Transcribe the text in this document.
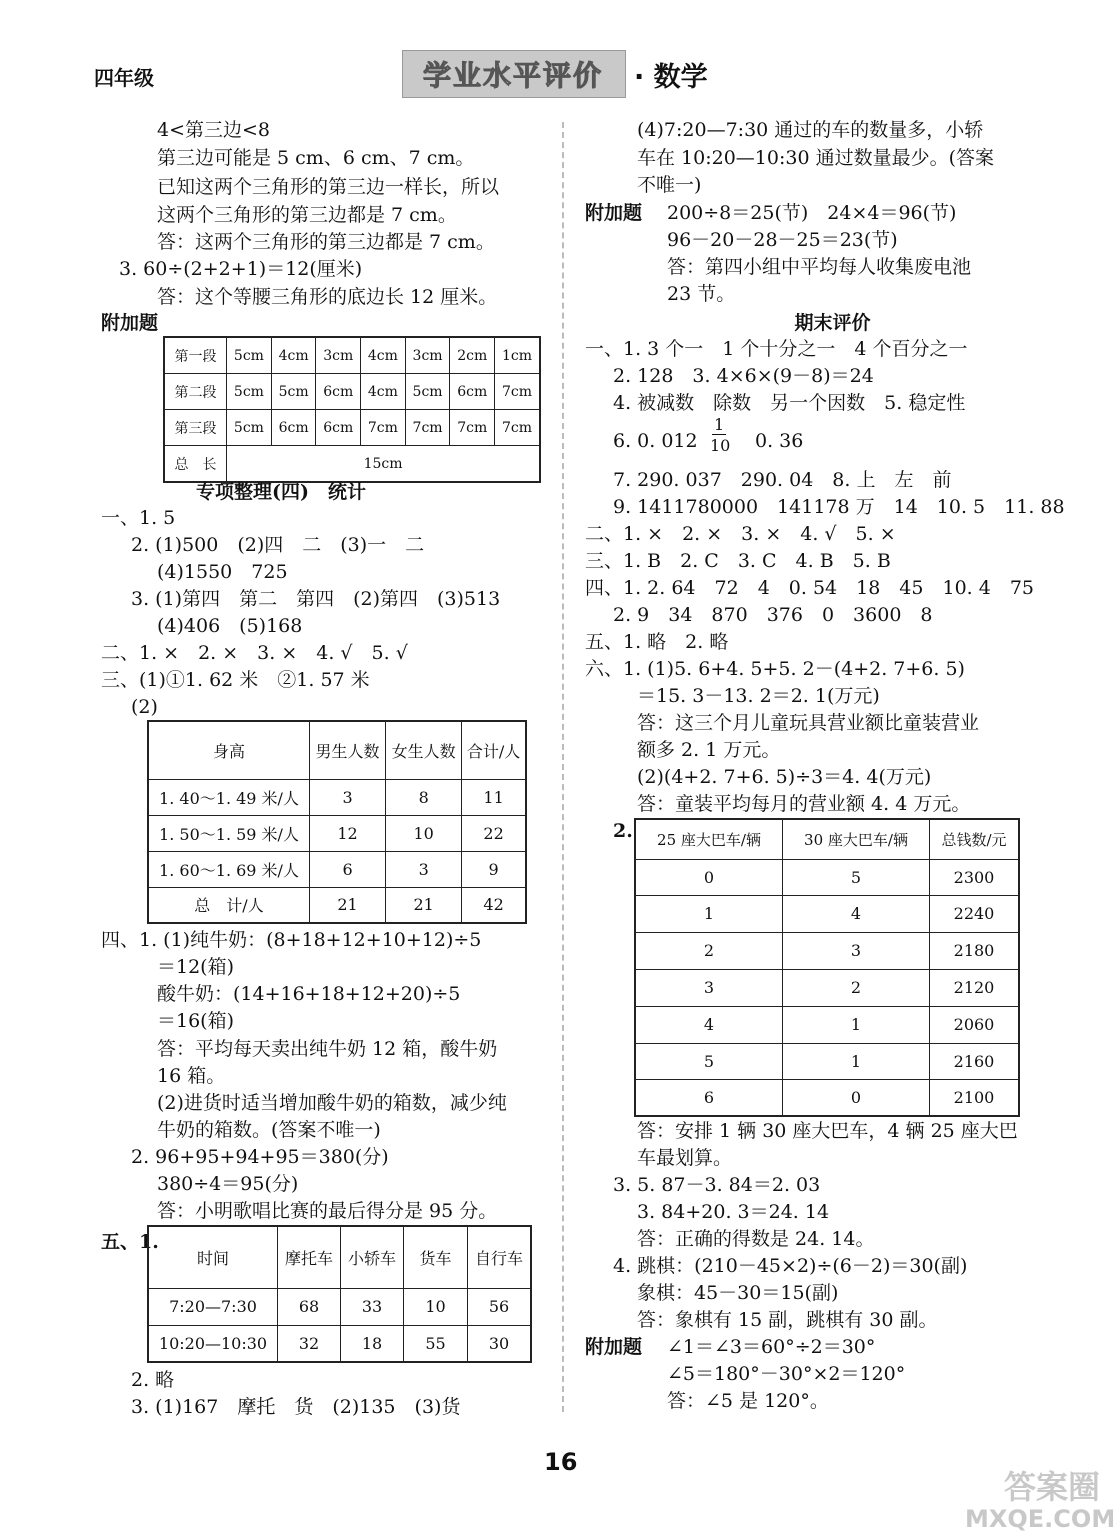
四年级	学业水平评价	· 数学
4<第三边<8
第三边可能是 5 cm、6 cm、7 cm。
已知这两个三角形的第三边一样长，所以
这两个三角形的第三边都是 7 cm。
答：这两个三角形的第三边都是 7 cm。
3. 60÷(2+2+1)＝12(厘米)
答：这个等腰三角形的底边长 12 厘米。
附加题
第一段	5cm	4cm	3cm	4cm	3cm	2cm	1cm
第二段	5cm	5cm	6cm	4cm	5cm	6cm	7cm
第三段	5cm	6cm	6cm	7cm	7cm	7cm	7cm
总　长	15cm						
专项整理(四)　统计
一、1. 5
2. (1)500　(2)四　二　(3)一　二
(4)1550　725
3. (1)第四　第二　第四　(2)第四　(3)513
(4)406　(5)168
二、1. ×　2. ×　3. ×　4. √　5. √
三、(1)①1. 62 米　②1. 57 米
(2)
身高	男生人数	女生人数	合计/人
1. 40～1. 49 米/人	3	8	11
1. 50～1. 59 米/人	12	10	22
1. 60～1. 69 米/人	6	3	9
总　计/人	21	21	42
四、1. (1)纯牛奶：(8+18+12+10+12)÷5
＝12(箱)
酸牛奶：(14+16+18+12+20)÷5
＝16(箱)
答：平均每天卖出纯牛奶 12 箱，酸牛奶
16 箱。
(2)进货时适当增加酸牛奶的箱数，减少纯
牛奶的箱数。(答案不唯一)
2. 96+95+94+95＝380(分)
380÷4＝95(分)
答：小明歌唱比赛的最后得分是 95 分。
五、1.
时间	摩托车	小轿车	货车	自行车
7:20—7:30	68	33	10	56
10:20—10:30	32	18	55	30
2. 略
3. (1)167　摩托　货　(2)135　(3)货
(4)7:20—7:30 通过的车的数量多，小轿
车在 10:20—10:30 通过数量最少。(答案
不唯一)
附加题 200÷8＝25(节)　24×4＝96(节)
96－20－28－25＝23(节)
答：第四小组中平均每人收集废电池
23 节。
期末评价
一、1. 3 个一　1 个十分之一　4 个百分之一
2. 128　3. 4×6×(9－8)＝24
4. 被减数　除数　另一个因数　5. 稳定性
6. 0. 012
1
10 0. 36
7. 290. 037　290. 04　8. 上　左　前
9. 1411780000　141178 万　14　10. 5　11. 88
二、1. ×　2. ×　3. ×　4. √　5. ×
三、1. B　2. C　3. C　4. B　5. B
四、1. 2. 64　72　4　0. 54　18　45　10. 4　75
2. 9　34　870　376　0　3600　8
五、1. 略　2. 略
六、1. (1)5. 6+4. 5+5. 2－(4+2. 7+6. 5)
＝15. 3－13. 2＝2. 1(万元)
答：这三个月儿童玩具营业额比童装营业
额多 2. 1 万元。
(2)(4+2. 7+6. 5)÷3＝4. 4(万元)
答：童装平均每月的营业额 4. 4 万元。
2. 25 座大巴车/辆	30 座大巴车/辆	总钱数/元
0	5	2300
1	4	2240
2	3	2180
3	2	2120
4	1	2060
5	1	2160
6	0	2100
答：安排 1 辆 30 座大巴车，4 辆 25 座大巴
车最划算。
3. 5. 87－3. 84＝2. 03
3. 84+20. 3＝24. 14
答：正确的得数是 24. 14。
4. 跳棋：(210－45×2)÷(6－2)＝30(副)
象棋：45－30＝15(副)
答：象棋有 15 副，跳棋有 30 副。
附加题 ∠1＝∠3＝60°÷2＝30°
∠5＝180°－30°×2＝120°
答：∠5 是 120°。
16
答案圈
MXQE.COM
